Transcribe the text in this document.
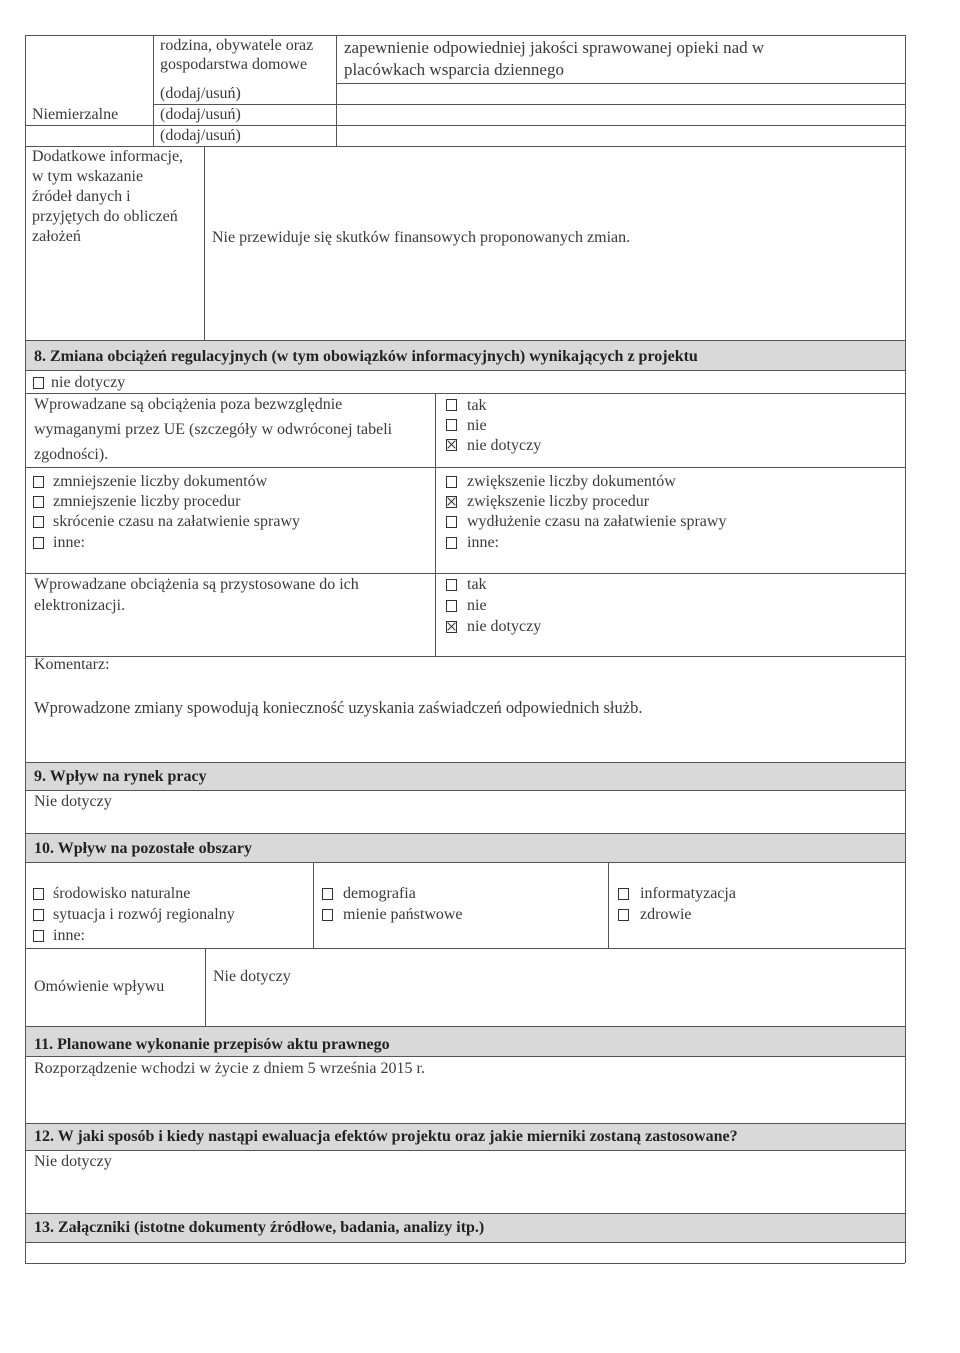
rodzina, obywatele oraz
gospodarstwa domowe
zapewnienie odpowiedniej jakości sprawowanej opieki nad w
placówkach wsparcia dziennego
(dodaj/usuń)
Niemierzalne	(dodaj/usuń)
(dodaj/usuń)
Dodatkowe informacje,
w tym wskazanie
źródeł danych i
przyjętych do obliczeń
założeń	Nie przewiduje się skutków finansowych proponowanych zmian.
8. Zmiana obciążeń regulacyjnych (w tym obowiązków informacyjnych) wynikających z projektu
nie dotyczy
Wprowadzane są obciążenia poza bezwzględnie
wymaganymi przez UE (szczegóły w odwróconej tabeli
zgodności).
tak
nie
nie dotyczy
zmniejszenie liczby dokumentów
zmniejszenie liczby procedur
skrócenie czasu na załatwienie sprawy
inne:
zwiększenie liczby dokumentów
zwiększenie liczby procedur
wydłużenie czasu na załatwienie sprawy
inne:
Wprowadzane obciążenia są przystosowane do ich
elektronizacji.
tak
nie
nie dotyczy
Komentarz:
Wprowadzone zmiany spowodują konieczność uzyskania zaświadczeń odpowiednich służb.
9. Wpływ na rynek pracy
Nie dotyczy
10. Wpływ na pozostałe obszary
środowisko naturalne
sytuacja i rozwój regionalny
inne:
demografia
mienie państwowe
informatyzacja
zdrowie
Omówienie wpływu
Nie dotyczy
11. Planowane wykonanie przepisów aktu prawnego
Rozporządzenie wchodzi w życie z dniem 5 września 2015 r.
12. W jaki sposób i kiedy nastąpi ewaluacja efektów projektu oraz jakie mierniki zostaną zastosowane?
Nie dotyczy
13. Załączniki (istotne dokumenty źródłowe, badania, analizy itp.)
